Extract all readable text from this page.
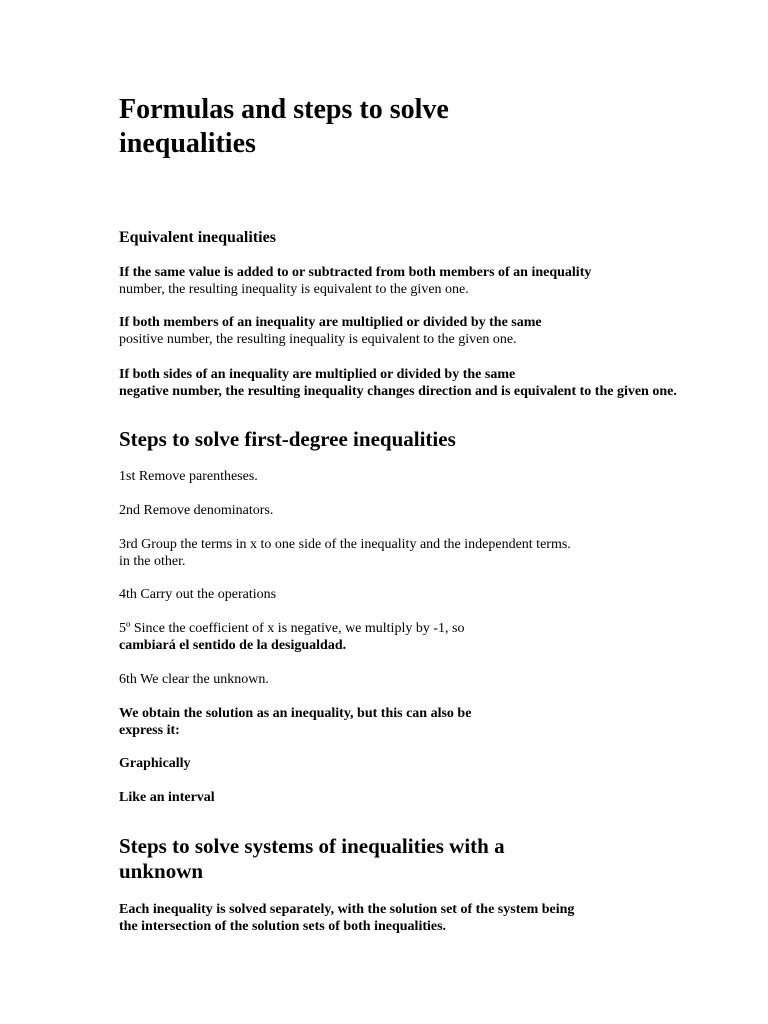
Formulas and steps to solve
inequalities
Equivalent inequalities

If the same value is added to or subtracted from both members of an inequality
number, the resulting inequality is equivalent to the given one.

If both members of an inequality are multiplied or divided by the same
positive number, the resulting inequality is equivalent to the given one.

If both sides of an inequality are multiplied or divided by the same
negative number, the resulting inequality changes direction and is equivalent to the given one.

Steps to solve first-degree inequalities

1st Remove parentheses.

2nd Remove denominators.

3rd Group the terms in x to one side of the inequality and the independent terms.
in the other.

4th Carry out the operations

5º Since the coefficient of x is negative, we multiply by -1, so
cambiará el sentido de la desigualdad.

6th We clear the unknown.

We obtain the solution as an inequality, but this can also be
express it:

Graphically

Like an interval

Steps to solve systems of inequalities with a
unknown

Each inequality is solved separately, with the solution set of the system being
the intersection of the solution sets of both inequalities.
